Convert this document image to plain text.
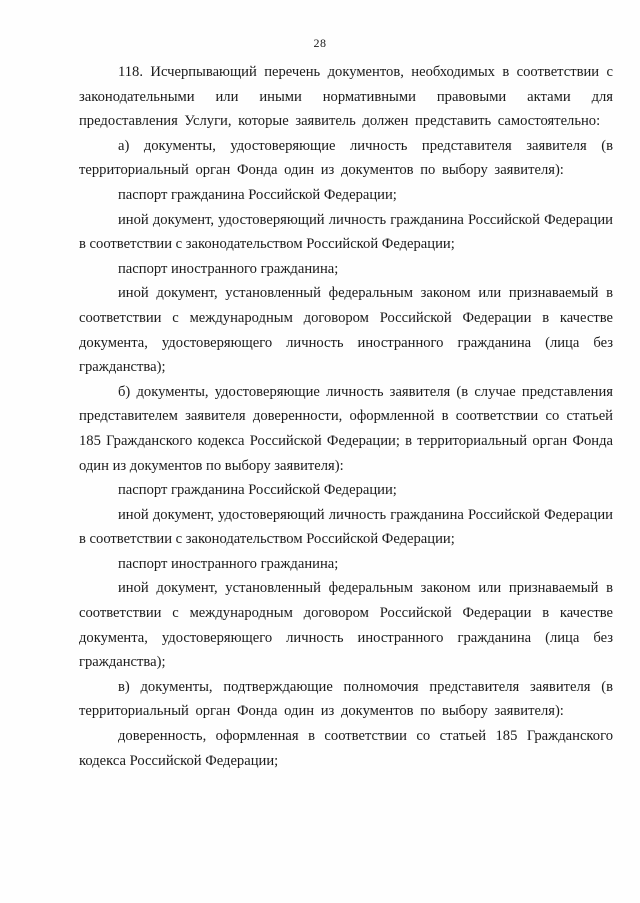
28

118. Исчерпывающий перечень документов, необходимых в соответствии с законодательными или иными нормативными правовыми актами для предоставления Услуги, которые заявитель должен представить самостоятельно:

а) документы, удостоверяющие личность представителя заявителя (в территориальный орган Фонда один из документов по выбору заявителя):

паспорт гражданина Российской Федерации;

иной документ, удостоверяющий личность гражданина Российской Федерации в соответствии с законодательством Российской Федерации;

паспорт иностранного гражданина;

иной документ, установленный федеральным законом или признаваемый в соответствии с международным договором Российской Федерации в качестве документа, удостоверяющего личность иностранного гражданина (лица без гражданства);

б) документы, удостоверяющие личность заявителя (в случае представления представителем заявителя доверенности, оформленной в соответствии со статьей 185 Гражданского кодекса Российской Федерации; в территориальный орган Фонда один из документов по выбору заявителя):

паспорт гражданина Российской Федерации;

иной документ, удостоверяющий личность гражданина Российской Федерации в соответствии с законодательством Российской Федерации;

паспорт иностранного гражданина;

иной документ, установленный федеральным законом или признаваемый в соответствии с международным договором Российской Федерации в качестве документа, удостоверяющего личность иностранного гражданина (лица без гражданства);

в) документы, подтверждающие полномочия представителя заявителя (в территориальный орган Фонда один из документов по выбору заявителя):

доверенность, оформленная в соответствии со статьей 185 Гражданского кодекса Российской Федерации;
